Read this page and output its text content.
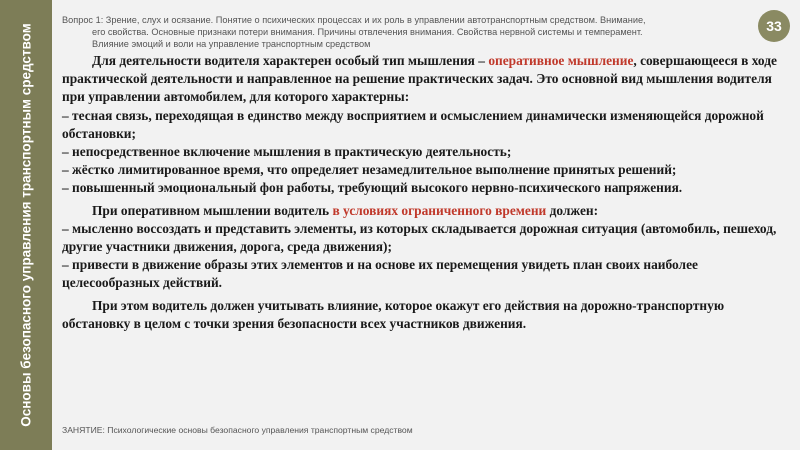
Основы безопасного управления транспортным средством
Вопрос 1: Зрение, слух и осязание. Понятие о психических процессах и их роль в управлении автотранспортным средством. Внимание,
его свойства. Основные признаки потери внимания. Причины отвлечения внимания. Свойства нервной системы и темперамент.
Влияние эмоций и воли на управление транспортным средством
33

Для деятельности водителя характерен особый тип мышления – оперативное мышление, совершающееся в ходе практической деятельности и направленное на решение практических задач. Это основной вид мышления водителя при управлении автомобилем, для которого характерны:

– тесная связь, переходящая в единство между восприятием и осмыслением динамически изменяющейся дорожной обстановки;

– непосредственное включение мышления в практическую деятельность;

– жёстко лимитированное время, что определяет незамедлительное выполнение принятых решений;

– повышенный эмоциональный фон работы, требующий высокого нервно-психического напряжения.

При оперативном мышлении водитель в условиях ограниченного времени должен:

– мысленно воссоздать и представить элементы, из которых складывается дорожная ситуация (автомобиль, пешеход, другие участники движения, дорога, среда движения);

– привести в движение образы этих элементов и на основе их перемещения увидеть план своих наиболее целесообразных действий.

При этом водитель должен учитывать влияние, которое окажут его действия на дорожно-транспортную обстановку в целом с точки зрения безопасности всех участников движения.

ЗАНЯТИЕ: Психологические основы безопасного управления транспортным средством
